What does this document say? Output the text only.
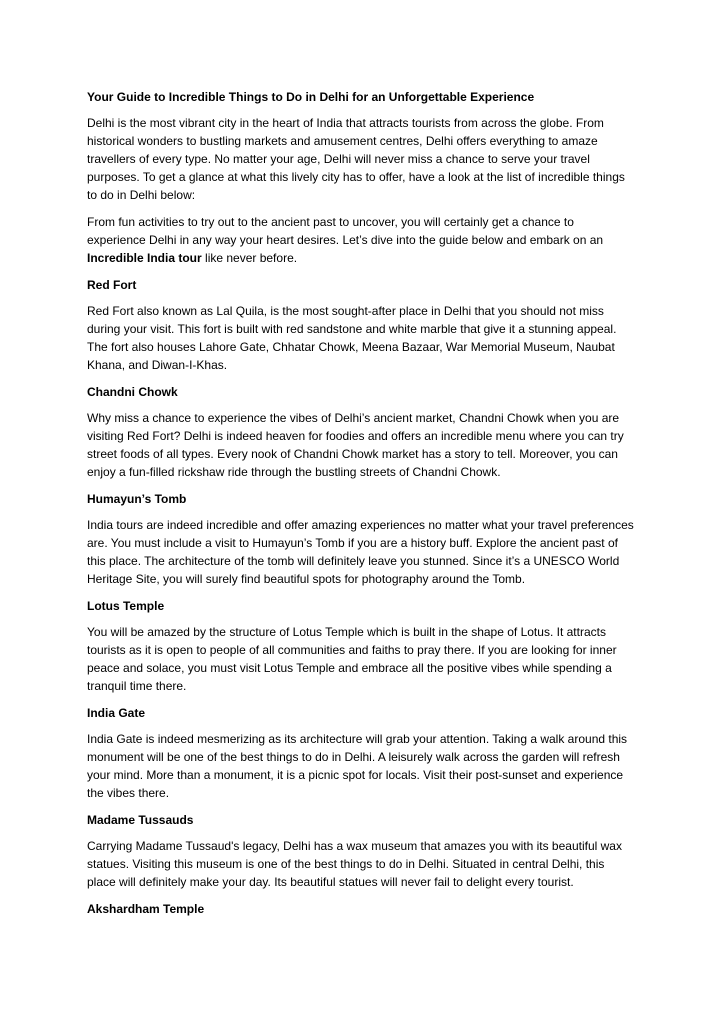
Your Guide to Incredible Things to Do in Delhi for an Unforgettable Experience

Delhi is the most vibrant city in the heart of India that attracts tourists from across the globe. From historical wonders to bustling markets and amusement centres, Delhi offers everything to amaze travellers of every type. No matter your age, Delhi will never miss a chance to serve your travel purposes. To get a glance at what this lively city has to offer, have a look at the list of incredible things to do in Delhi below:

From fun activities to try out to the ancient past to uncover, you will certainly get a chance to experience Delhi in any way your heart desires. Let’s dive into the guide below and embark on an Incredible India tour like never before.

Red Fort

Red Fort also known as Lal Quila, is the most sought-after place in Delhi that you should not miss during your visit. This fort is built with red sandstone and white marble that give it a stunning appeal. The fort also houses Lahore Gate, Chhatar Chowk, Meena Bazaar, War Memorial Museum, Naubat Khana, and Diwan-I-Khas.

Chandni Chowk

Why miss a chance to experience the vibes of Delhi’s ancient market, Chandni Chowk when you are visiting Red Fort? Delhi is indeed heaven for foodies and offers an incredible menu where you can try street foods of all types. Every nook of Chandni Chowk market has a story to tell. Moreover, you can enjoy a fun-filled rickshaw ride through the bustling streets of Chandni Chowk.

Humayun’s Tomb

India tours are indeed incredible and offer amazing experiences no matter what your travel preferences are. You must include a visit to Humayun’s Tomb if you are a history buff. Explore the ancient past of this place. The architecture of the tomb will definitely leave you stunned. Since it’s a UNESCO World Heritage Site, you will surely find beautiful spots for photography around the Tomb.

Lotus Temple

You will be amazed by the structure of Lotus Temple which is built in the shape of Lotus. It attracts tourists as it is open to people of all communities and faiths to pray there. If you are looking for inner peace and solace, you must visit Lotus Temple and embrace all the positive vibes while spending a tranquil time there.

India Gate

India Gate is indeed mesmerizing as its architecture will grab your attention. Taking a walk around this monument will be one of the best things to do in Delhi. A leisurely walk across the garden will refresh your mind. More than a monument, it is a picnic spot for locals. Visit their post-sunset and experience the vibes there.

Madame Tussauds

Carrying Madame Tussaud's legacy, Delhi has a wax museum that amazes you with its beautiful wax statues. Visiting this museum is one of the best things to do in Delhi. Situated in central Delhi, this place will definitely make your day. Its beautiful statues will never fail to delight every tourist.

Akshardham Temple
